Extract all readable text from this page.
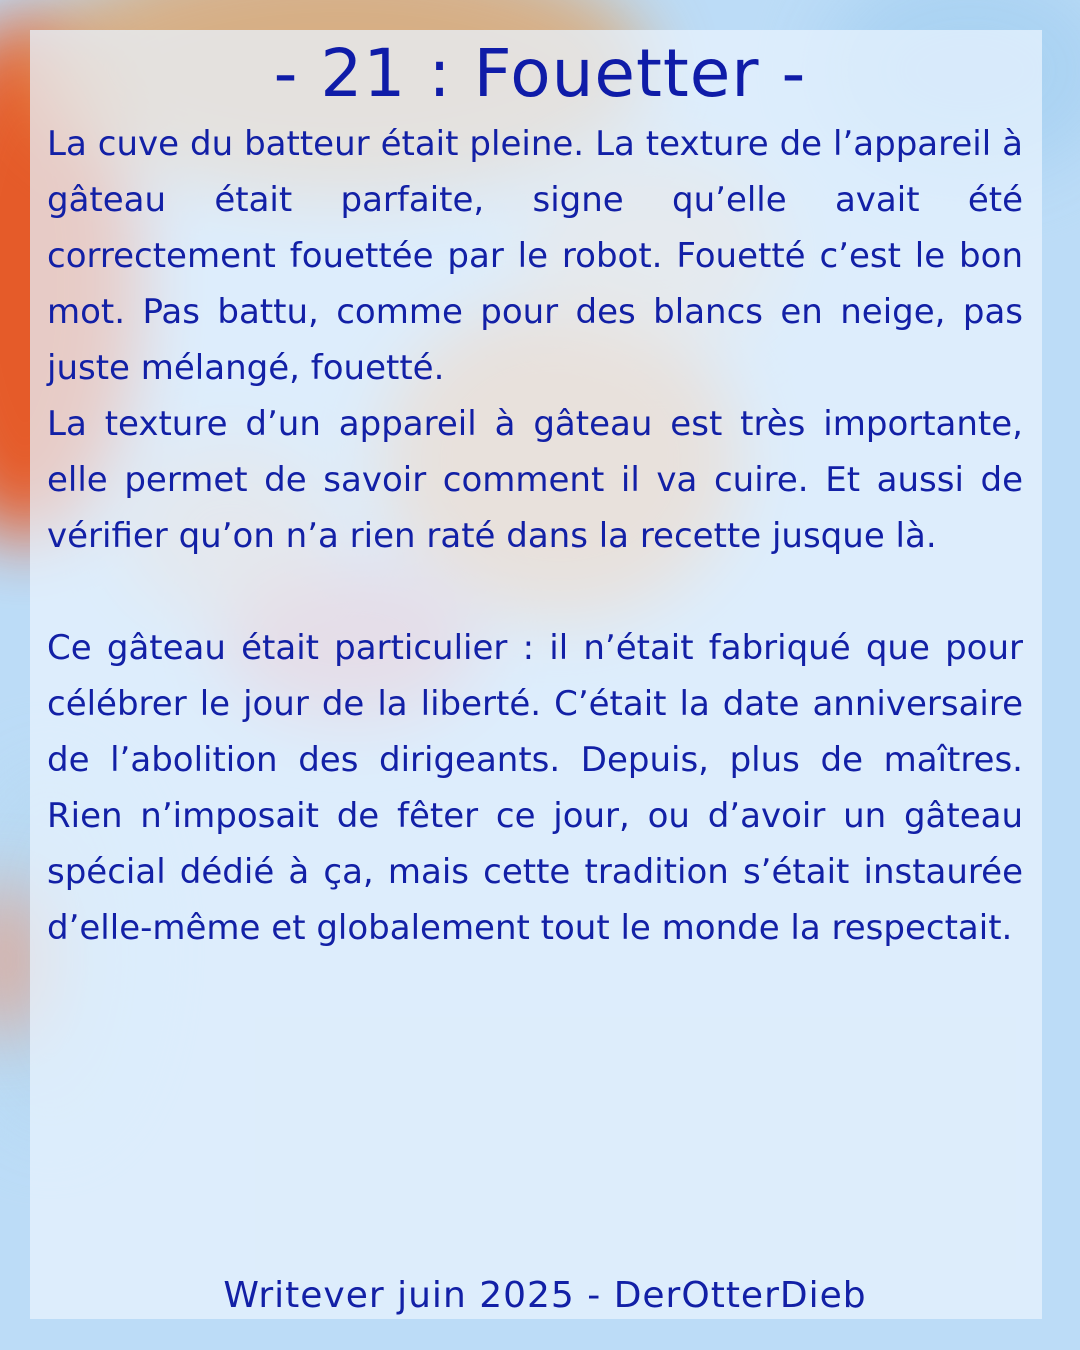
- 21 : Fouetter -

La cuve du batteur était pleine. La texture de l’appareil à gâteau était parfaite, signe qu’elle avait été correctement fouettée par le robot. Fouetté c’est le bon mot. Pas battu, comme pour des blancs en neige, pas juste mélangé, fouetté.

La texture d’un appareil à gâteau est très importante, elle permet de savoir comment il va cuire. Et aussi de vérifier qu’on n’a rien raté dans la recette jusque là.

Ce gâteau était particulier : il n’était fabriqué que pour célébrer le jour de la liberté. C’était la date anniversaire de l’abolition des dirigeants. Depuis, plus de maîtres. Rien n’imposait de fêter ce jour, ou d’avoir un gâteau spécial dédié à ça, mais cette tradition s’était instaurée d’elle-même et globalement tout le monde la respectait.

Writever juin 2025 - DerOtterDieb
